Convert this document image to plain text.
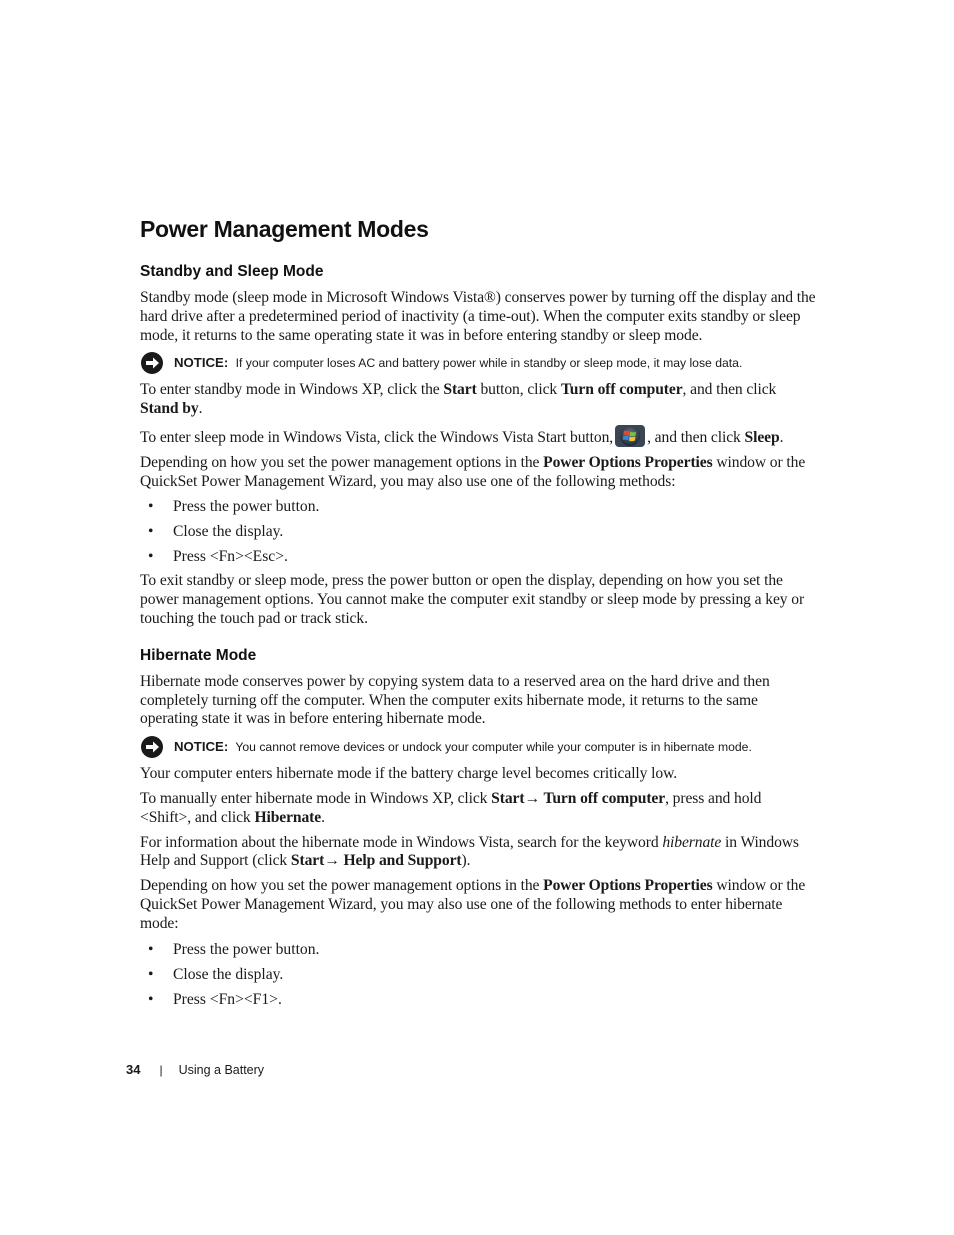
Power Management Modes
Standby and Sleep Mode

Standby mode (sleep mode in Microsoft Windows Vista®) conserves power by turning off the display and the hard drive after a predetermined period of inactivity (a time-out). When the computer exits standby or sleep mode, it returns to the same operating state it was in before entering standby or sleep mode.

NOTICE: If your computer loses AC and battery power while in standby or sleep mode, it may lose data.

To enter standby mode in Windows XP, click the Start button, click Turn off computer, and then click Stand by.

To enter sleep mode in Windows Vista, click the Windows Vista Start button, , and then click Sleep.

Depending on how you set the power management options in the Power Options Properties window or the QuickSet Power Management Wizard, you may also use one of the following methods:

• Press the power button.
• Close the display.
• Press <Fn><Esc>.

To exit standby or sleep mode, press the power button or open the display, depending on how you set the power management options. You cannot make the computer exit standby or sleep mode by pressing a key or touching the touch pad or track stick.

Hibernate Mode

Hibernate mode conserves power by copying system data to a reserved area on the hard drive and then completely turning off the computer. When the computer exits hibernate mode, it returns to the same operating state it was in before entering hibernate mode.

NOTICE: You cannot remove devices or undock your computer while your computer is in hibernate mode.

Your computer enters hibernate mode if the battery charge level becomes critically low.

To manually enter hibernate mode in Windows XP, click Start→ Turn off computer, press and hold <Shift>, and click Hibernate.

For information about the hibernate mode in Windows Vista, search for the keyword hibernate in Windows Help and Support (click Start→ Help and Support).

Depending on how you set the power management options in the Power Options Properties window or the QuickSet Power Management Wizard, you may also use one of the following methods to enter hibernate mode:

• Press the power button.
• Close the display.
• Press <Fn><F1>.
34 | Using a Battery
